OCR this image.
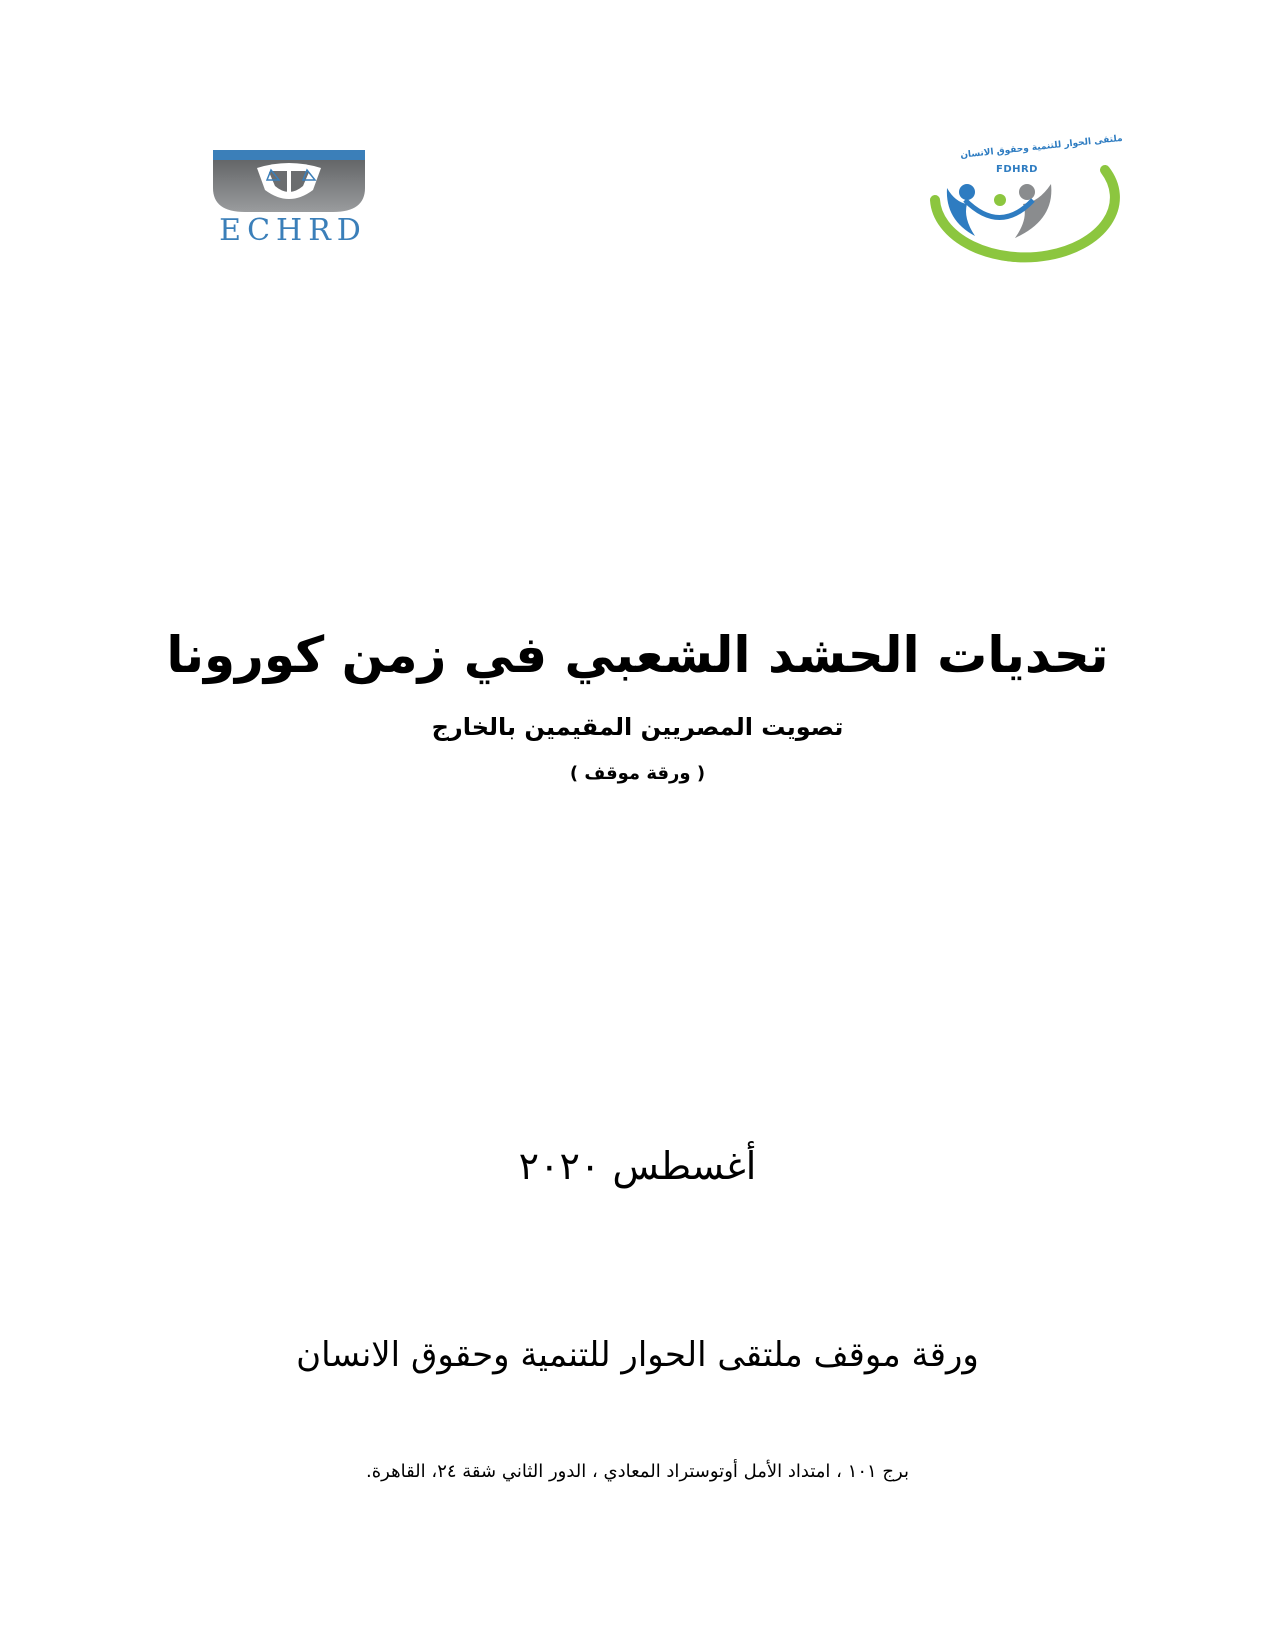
ECHRD
ملتقى الحوار للتنمية وحقوق الانسان
FDHRD
تحديات الحشد الشعبي في زمن كورونا
تصويت المصريين المقيمين بالخارج
( ورقة موقف )
أغسطس ٢٠٢٠
ورقة موقف ملتقى الحوار للتنمية وحقوق الانسان
برج ١٠١ ، امتداد الأمل أوتوستراد المعادي ، الدور الثاني شقة ٢٤، القاهرة.
